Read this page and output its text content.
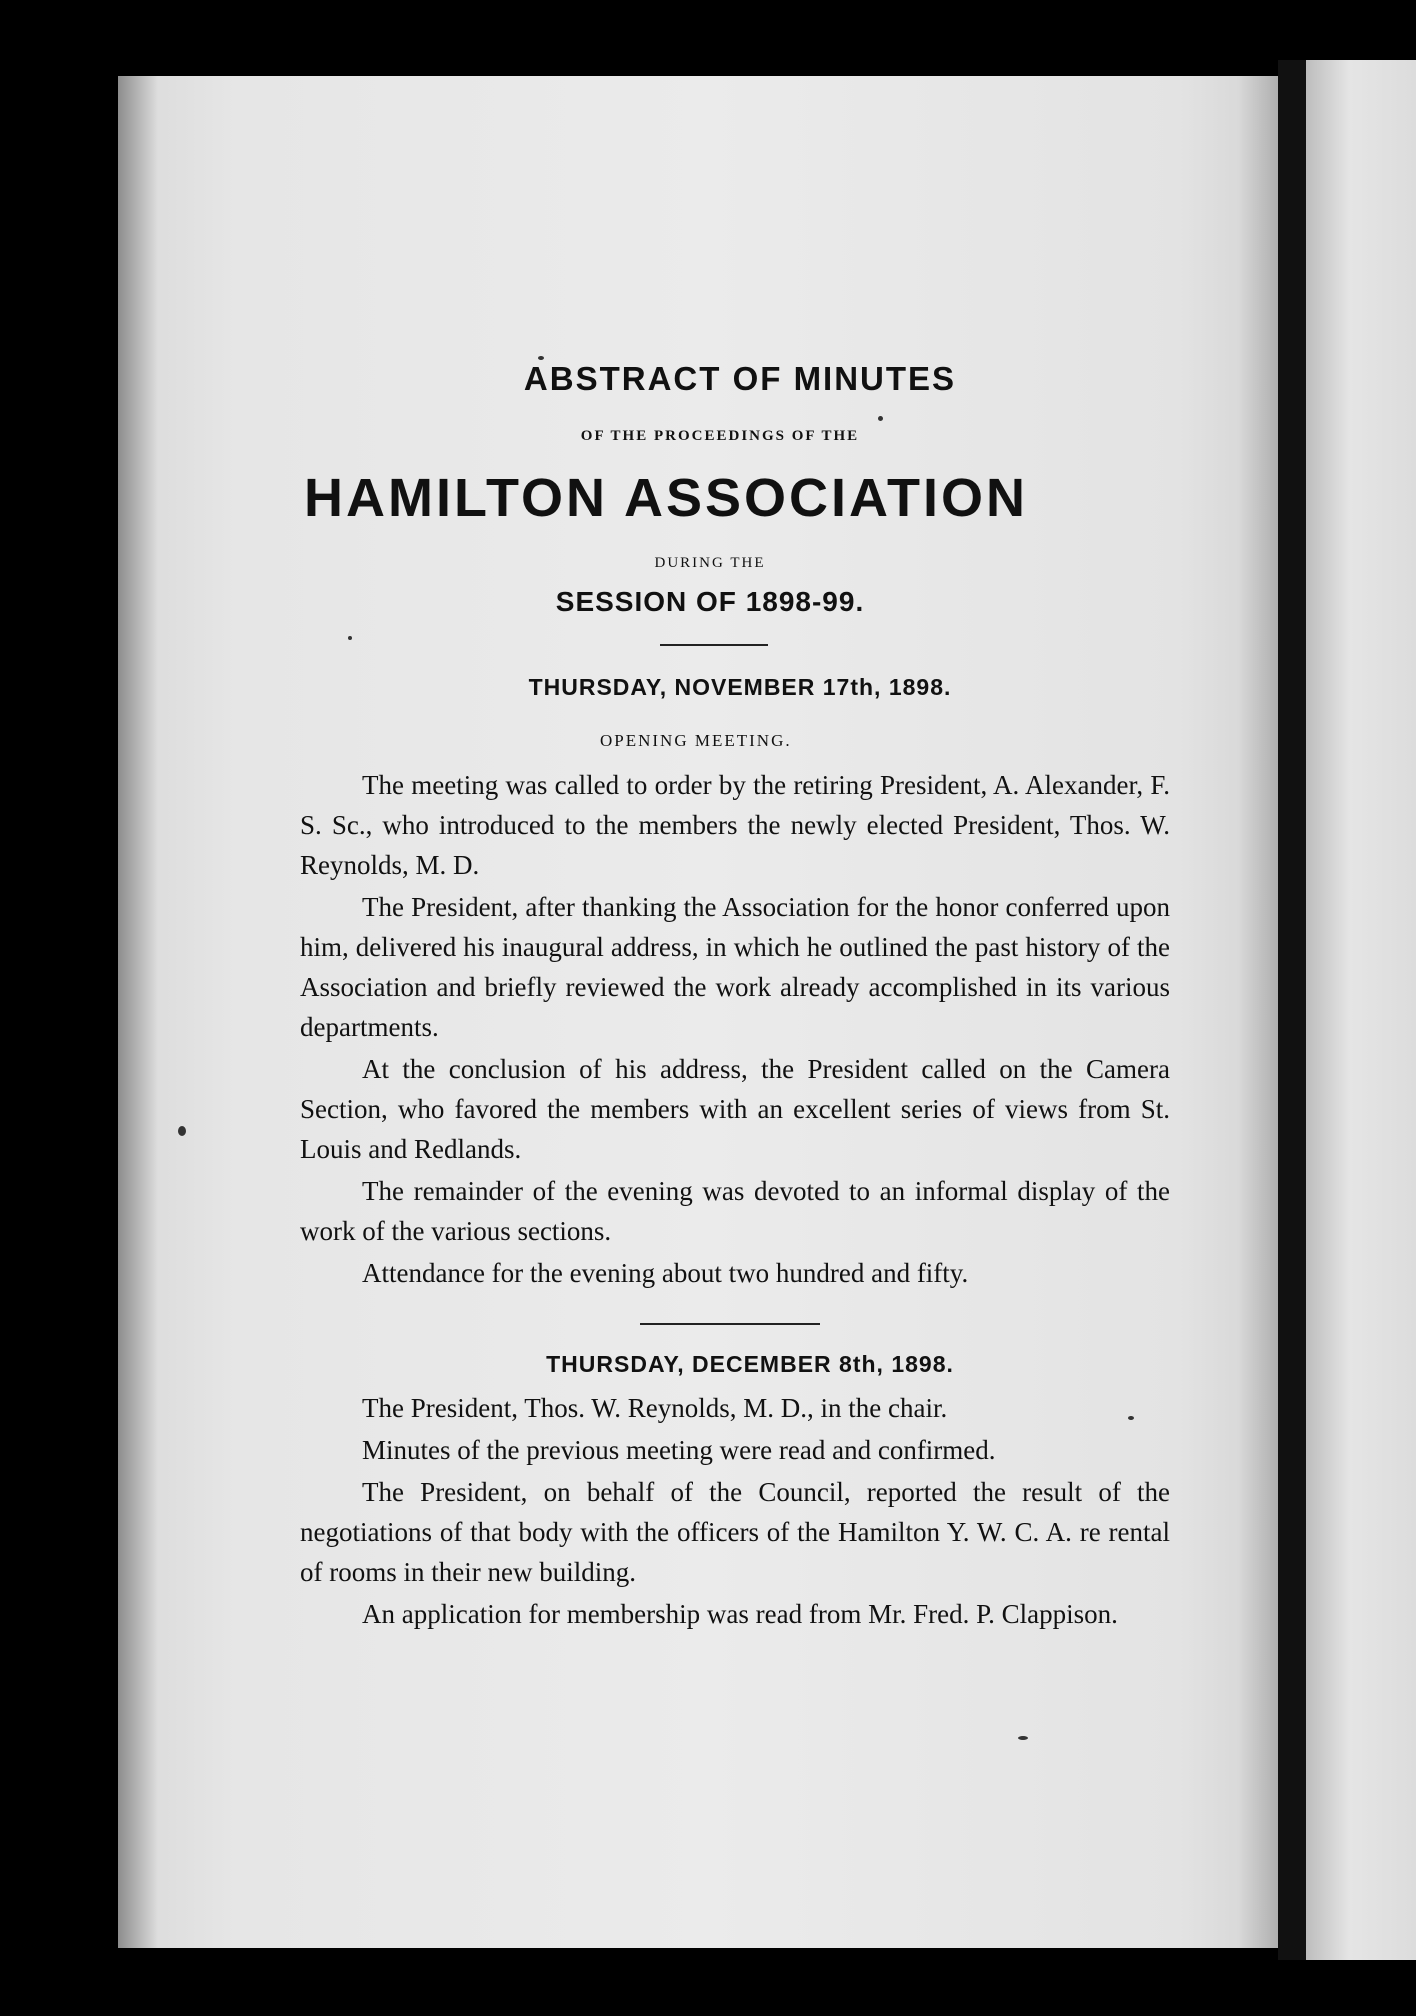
ABSTRACT OF MINUTES
OF THE PROCEEDINGS OF THE
HAMILTON ASSOCIATION
DURING THE
SESSION OF 1898-99.
THURSDAY, NOVEMBER 17th, 1898.
OPENING MEETING.

The meeting was called to order by the retiring President, A. Alexander, F. S. Sc., who introduced to the members the newly elected President, Thos. W. Reynolds, M. D.

The President, after thanking the Association for the honor conferred upon him, delivered his inaugural address, in which he outlined the past history of the Association and briefly reviewed the work already accomplished in its various departments.

At the conclusion of his address, the President called on the Camera Section, who favored the members with an excellent series of views from St. Louis and Redlands.

The remainder of the evening was devoted to an informal display of the work of the various sections.

Attendance for the evening about two hundred and fifty.

THURSDAY, DECEMBER 8th, 1898.

The President, Thos. W. Reynolds, M. D., in the chair.

Minutes of the previous meeting were read and confirmed.

The President, on behalf of the Council, reported the result of the negotiations of that body with the officers of the Hamilton Y. W. C. A. re rental of rooms in their new building.

An application for membership was read from Mr. Fred. P. Clappison.
